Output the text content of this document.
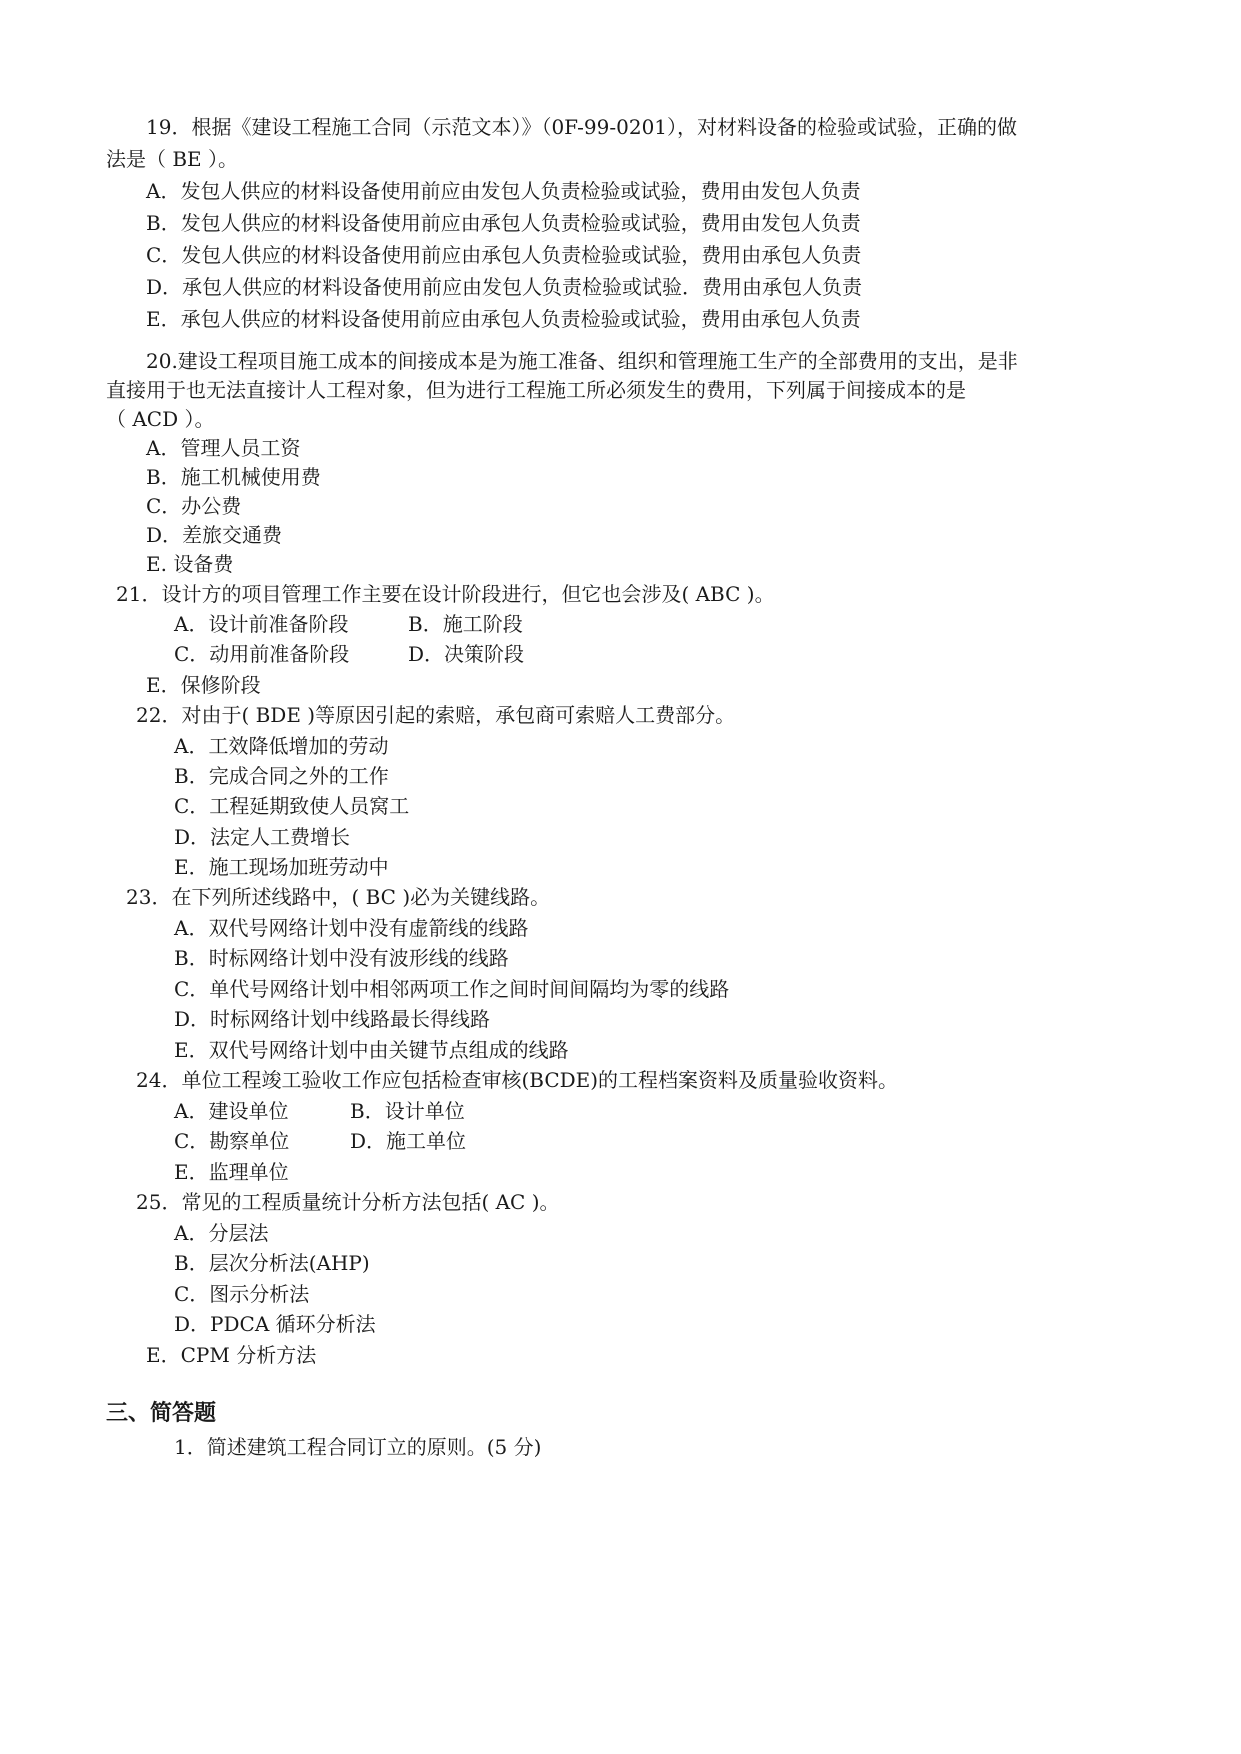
19．根据《建设工程施工合同（示范文本）》（0F-99-0201），对材料设备的检验或试验，正确的做

法是（ BE ）。

A．发包人供应的材料设备使用前应由发包人负责检验或试验，费用由发包人负责

B．发包人供应的材料设备使用前应由承包人负责检验或试验，费用由发包人负责

C．发包人供应的材料设备使用前应由承包人负责检验或试验，费用由承包人负责

D．承包人供应的材料设备使用前应由发包人负责检验或试验．费用由承包人负责

E．承包人供应的材料设备使用前应由承包人负责检验或试验，费用由承包人负责

20.建设工程项目施工成本的间接成本是为施工准备、组织和管理施工生产的全部费用的支出，是非

直接用于也无法直接计人工程对象，但为进行工程施工所必须发生的费用，下列属于间接成本的是

（ ACD ）。

A．管理人员工资

B．施工机械使用费

C．办公费

D．差旅交通费

E. 设备费

21．设计方的项目管理工作主要在设计阶段进行，但它也会涉及( ABC )。

A．设计前准备阶段	B．施工阶段

C．动用前准备阶段	D．决策阶段

E．保修阶段

22．对由于( BDE )等原因引起的索赔，承包商可索赔人工费部分。

A．工效降低增加的劳动

B．完成合同之外的工作

C．工程延期致使人员窝工

D．法定人工费增长

E．施工现场加班劳动中

23．在下列所述线路中，( BC )必为关键线路。

A．双代号网络计划中没有虚箭线的线路

B．时标网络计划中没有波形线的线路

C．单代号网络计划中相邻两项工作之间时间间隔均为零的线路

D．时标网络计划中线路最长得线路

E．双代号网络计划中由关键节点组成的线路

24．单位工程竣工验收工作应包括检查审核(BCDE)的工程档案资料及质量验收资料。

A．建设单位	B．设计单位

C．勘察单位	D．施工单位

E．监理单位

25．常见的工程质量统计分析方法包括( AC )。

A．分层法

B．层次分析法(AHP)

C．图示分析法

D．PDCA 循环分析法

E．CPM 分析方法

三、简答题

1．简述建筑工程合同订立的原则。(5 分)
